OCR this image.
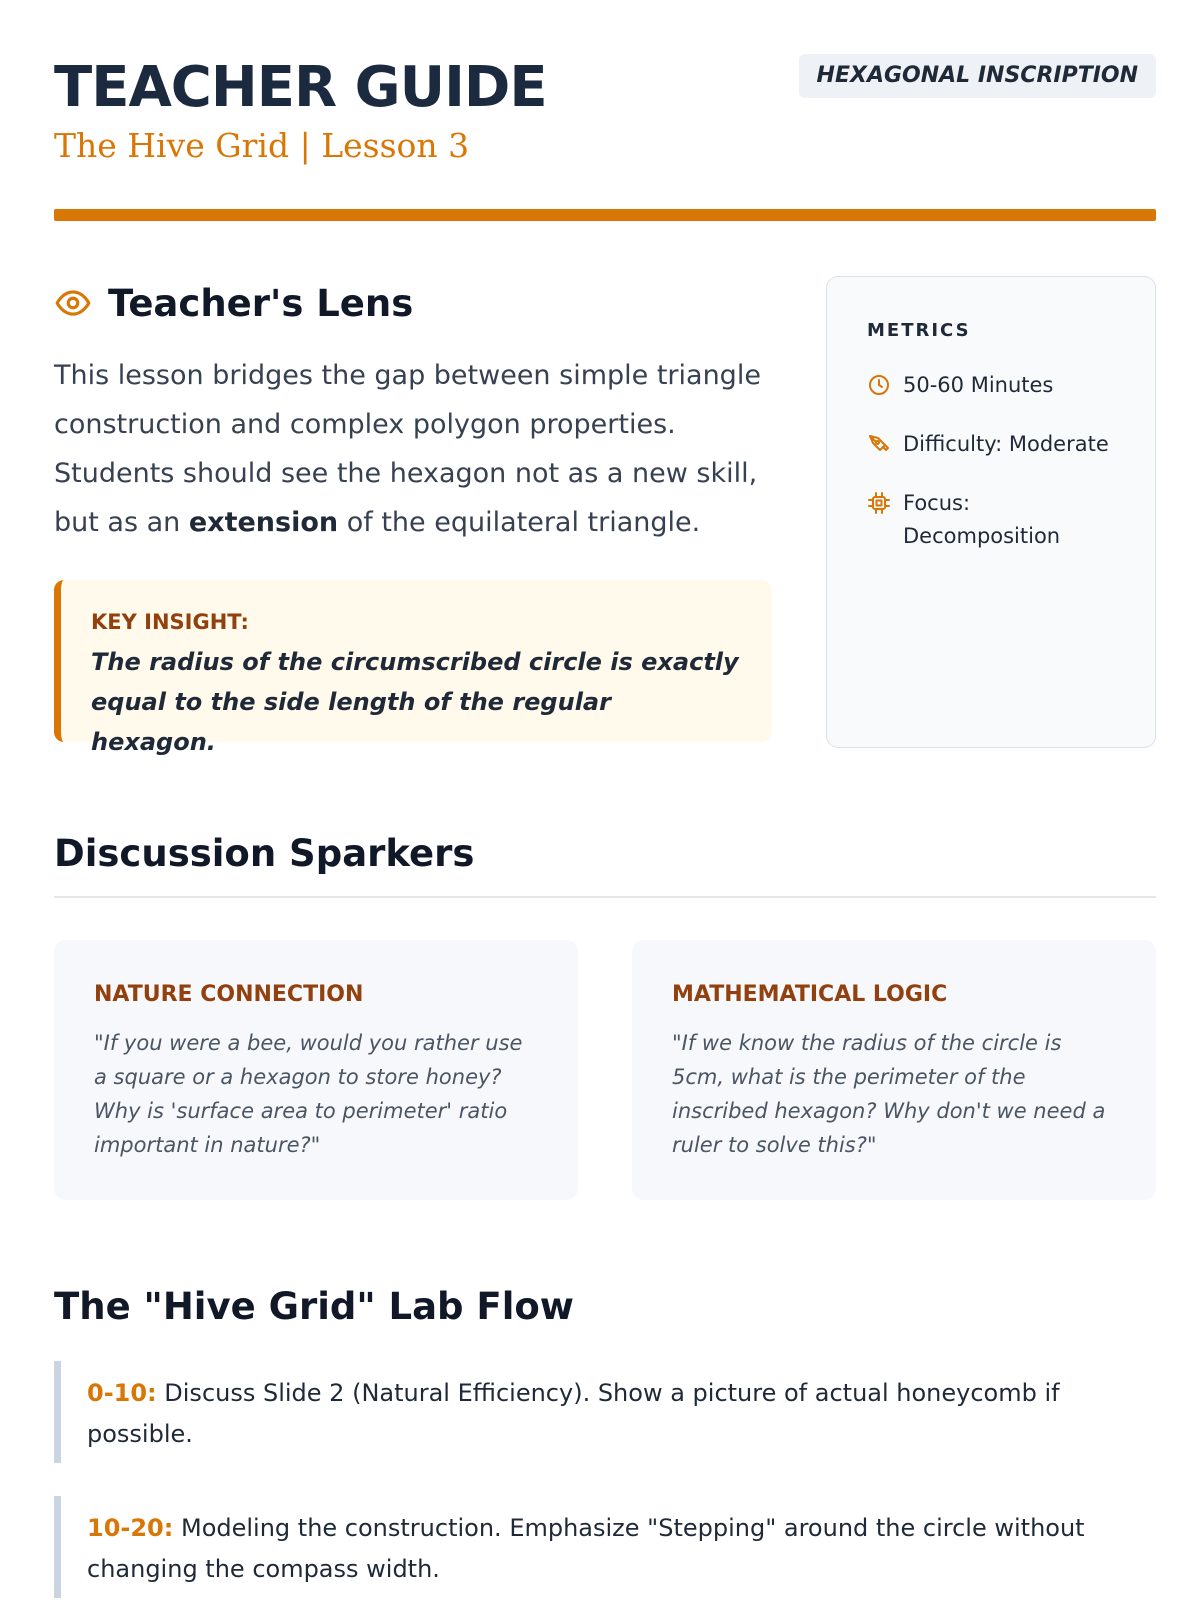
TEACHER GUIDE
The Hive Grid | Lesson 3
HEXAGONAL INSCRIPTION
Teacher's Lens

This lesson bridges the gap between simple triangle construction and complex polygon properties. Students should see the hexagon not as a new skill, but as an extension of the equilateral triangle.

KEY INSIGHT:
The radius of the circumscribed circle is exactly equal to the side length of the regular hexagon.
METRICS
50-60 Minutes
Difficulty: Moderate
Focus: Decomposition
Discussion Sparkers
NATURE CONNECTION
"If you were a bee, would you rather use a square or a hexagon to store honey? Why is 'surface area to perimeter' ratio important in nature?"
MATHEMATICAL LOGIC
"If we know the radius of the circle is 5cm, what is the perimeter of the inscribed hexagon? Why don't we need a ruler to solve this?"
The "Hive Grid" Lab Flow
0-10: Discuss Slide 2 (Natural Efficiency). Show a picture of actual honeycomb if possible.
10-20: Modeling the construction. Emphasize "Stepping" around the circle without changing the compass width.
